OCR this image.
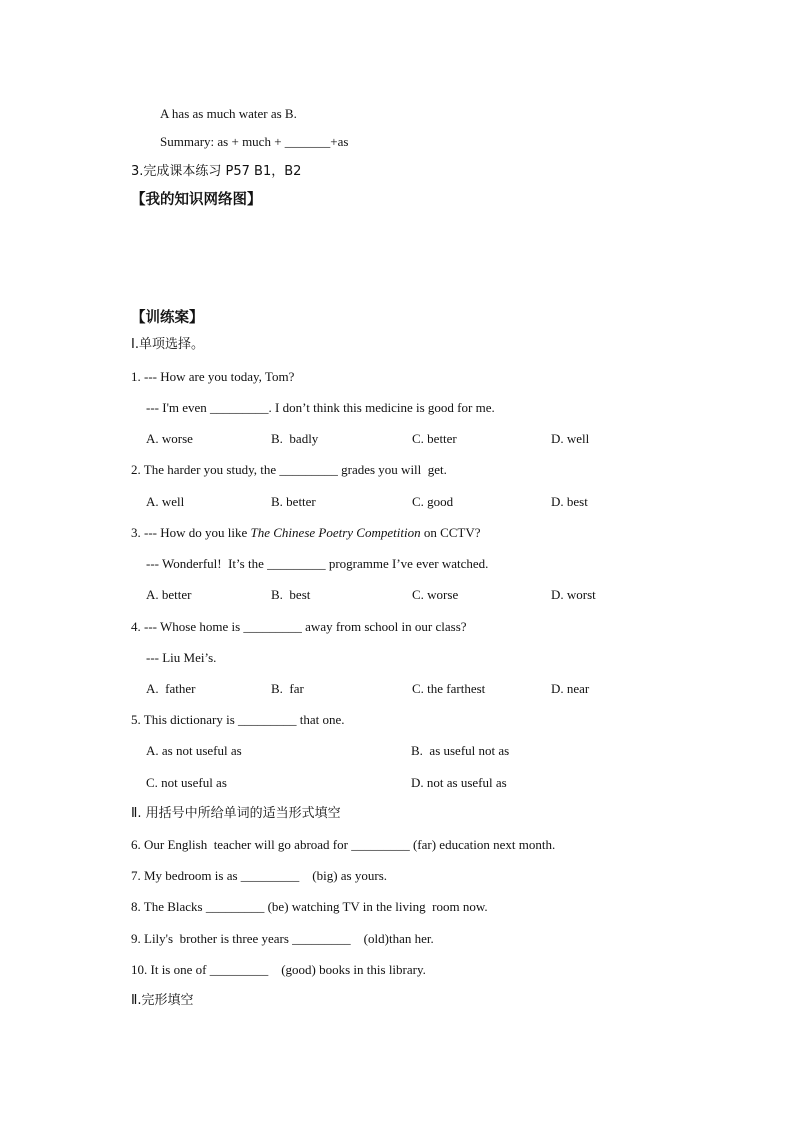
A has as much water as B.
Summary: as + much + _______+as
3.完成课本练习 P57 B1，B2
【我的知识网络图】
【训练案】
Ⅰ.单项选择。
1. --- How are you today, Tom?
--- I'm even _________. I don’t think this medicine is good for me.
A. worse	B.  badly	C. better	D. well
2. The harder you study, the _________ grades you will  get.
A. well	B. better	C. good	D. best
3. --- How do you like The Chinese Poetry Competition on CCTV?
--- Wonderful!  It’s the _________ programme I’ve ever watched.
A. better	B.  best	C. worse	D. worst
4. --- Whose home is _________ away from school in our class?
--- Liu Mei’s.
A.  father	B.  far	C. the farthest	D. near
5. This dictionary is _________ that one.
A. as not useful as	B.  as useful not as
C. not useful as	D. not as useful as
Ⅱ. 用括号中所给单词的适当形式填空
6. Our English  teacher will go abroad for _________ (far) education next month.
7. My bedroom is as _________    (big) as yours.
8. The Blacks _________ (be) watching TV in the living  room now.
9. Lily's  brother is three years _________    (old)than her.
10. It is one of _________    (good) books in this library.
Ⅱ.完形填空
